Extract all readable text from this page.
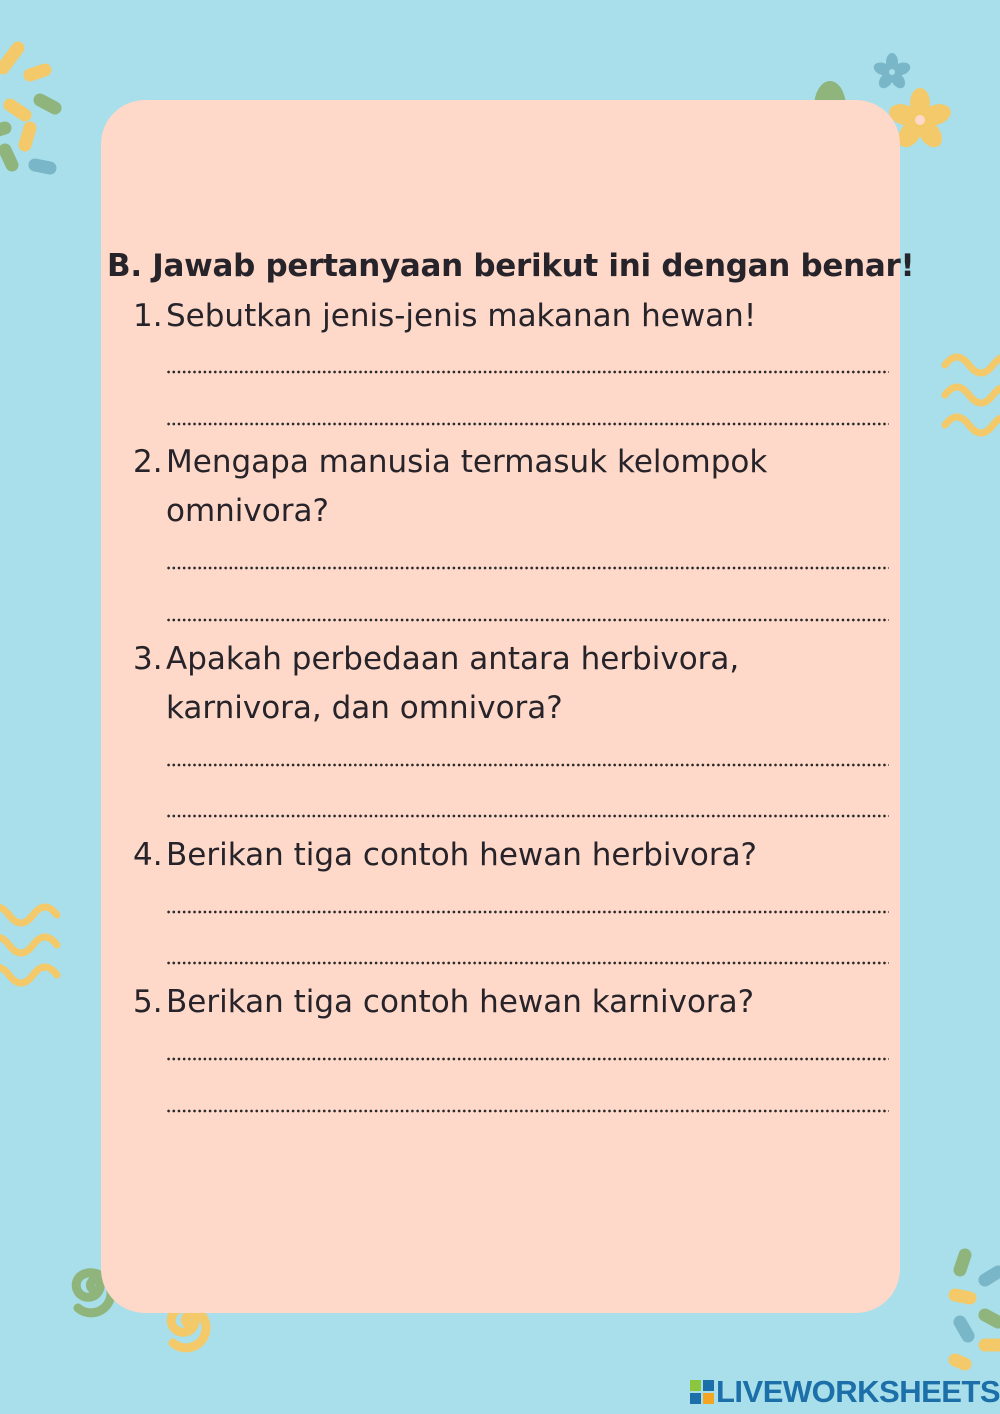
B. Jawab pertanyaan berikut ini dengan benar!
1. Sebutkan jenis-jenis makanan hewan!
2. Mengapa manusia termasuk kelompok
omnivora?
3. Apakah perbedaan antara herbivora,
karnivora, dan omnivora?
4. Berikan tiga contoh hewan herbivora?
5. Berikan tiga contoh hewan karnivora?
LIVEWORKSHEETS
